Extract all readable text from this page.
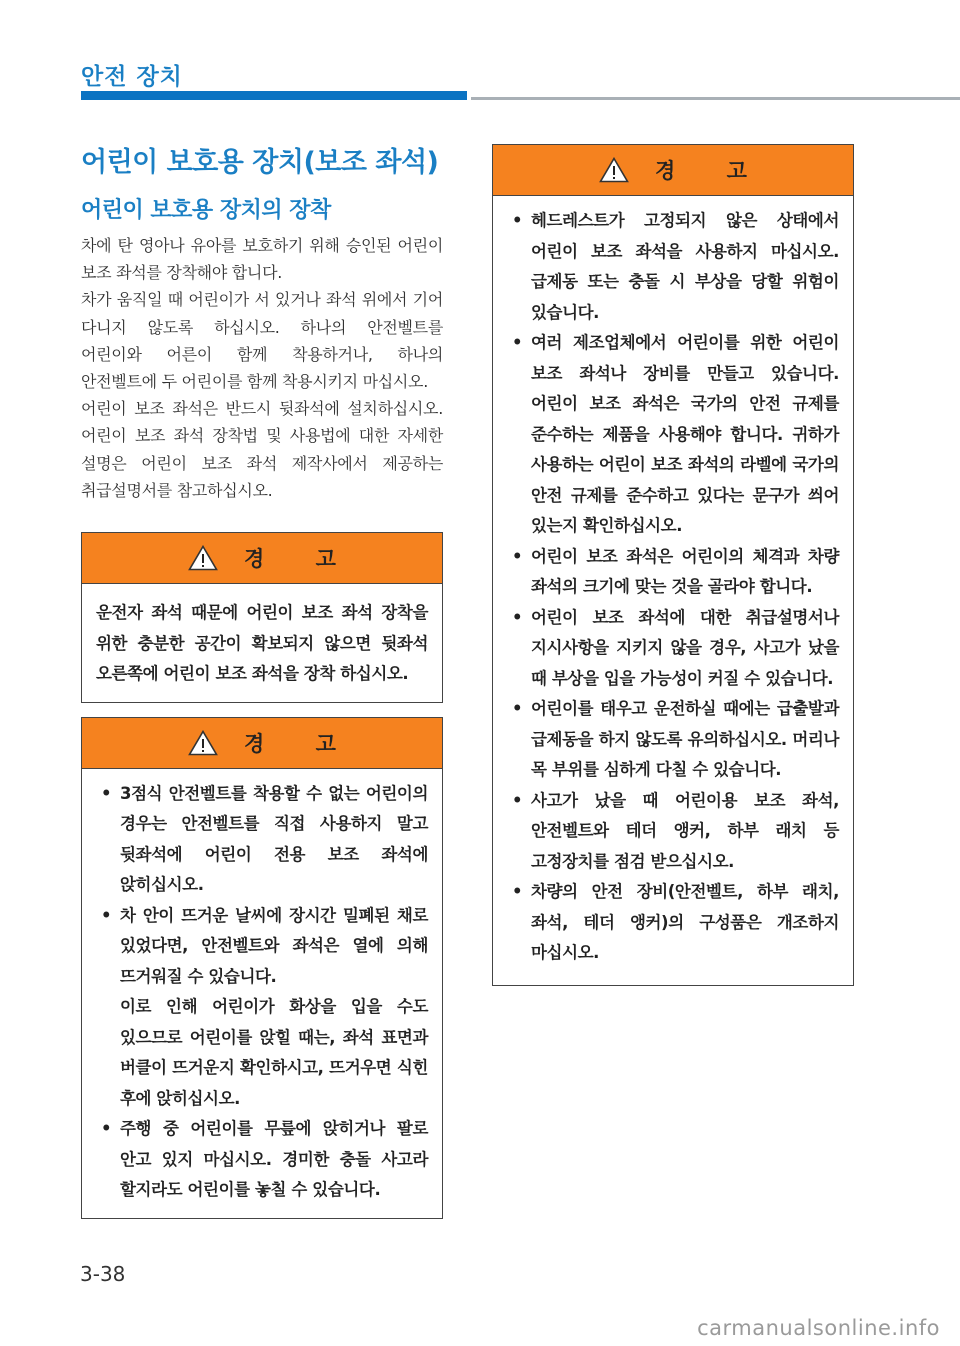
안전 장치
어린이 보호용 장치(보조 좌석)
어린이 보호용 장치의 장착

차에 탄 영아나 유아를 보호하기 위해 승인된 어린이 보조 좌석를 장착해야 합니다.

차가 움직일 때 어린이가 서 있거나 좌석 위에서 기어 다니지 않도록 하십시오. 하나의 안전벨트를 어린이와 어른이 함께 착용하거나, 하나의 안전벨트에 두 어린이를 함께 착용시키지 마십시오.

어린이 보조 좌석은 반드시 뒷좌석에 설치하십시오. 어린이 보조 좌석 장착법 및 사용법에 대한 자세한 설명은 어린이 보조 좌석 제작사에서 제공하는 취급설명서를 참고하십시오.

경 고

운전자 좌석 때문에 어린이 보조 좌석 장착을 위한 충분한 공간이 확보되지 않으면 뒷좌석 오른쪽에 어린이 보조 좌석을 장착 하십시오.

경 고
• 3점식 안전벨트를 착용할 수 없는 어린이의 경우는 안전벨트를 직접 사용하지 말고 뒷좌석에 어린이 전용 보조 좌석에 앉히십시오.
• 차 안이 뜨거운 날씨에 장시간 밀폐된 채로 있었다면, 안전벨트와 좌석은 열에 의해 뜨거워질 수 있습니다.
이로 인해 어린이가 화상을 입을 수도 있으므로 어린이를 앉힐 때는, 좌석 표면과 버클이 뜨거운지 확인하시고, 뜨거우면 식힌 후에 앉히십시오.
• 주행 중 어린이를 무릎에 앉히거나 팔로 안고 있지 마십시오. 경미한 충돌 사고라 할지라도 어린이를 놓칠 수 있습니다.
경 고
• 헤드레스트가 고정되지 않은 상태에서 어린이 보조 좌석을 사용하지 마십시오. 급제동 또는 충돌 시 부상을 당할 위험이 있습니다.
• 여러 제조업체에서 어린이를 위한 어린이 보조 좌석나 장비를 만들고 있습니다. 어린이 보조 좌석은 국가의 안전 규제를 준수하는 제품을 사용해야 합니다. 귀하가 사용하는 어린이 보조 좌석의 라벨에 국가의 안전 규제를 준수하고 있다는 문구가 씌어 있는지 확인하십시오.
• 어린이 보조 좌석은 어린이의 체격과 차량 좌석의 크기에 맞는 것을 골라야 합니다.
• 어린이 보조 좌석에 대한 취급설명서나 지시사항을 지키지 않을 경우, 사고가 났을 때 부상을 입을 가능성이 커질 수 있습니다.
• 어린이를 태우고 운전하실 때에는 급출발과 급제동을 하지 않도록 유의하십시오. 머리나 목 부위를 심하게 다칠 수 있습니다.
• 사고가 났을 때 어린이용 보조 좌석, 안전벨트와 테더 앵커, 하부 래치 등 고정장치를 점검 받으십시오.
• 차량의 안전 장비(안전벨트, 하부 래치, 좌석, 테더 앵커)의 구성품은 개조하지 마십시오.
3-38
carmanualsonline.info
